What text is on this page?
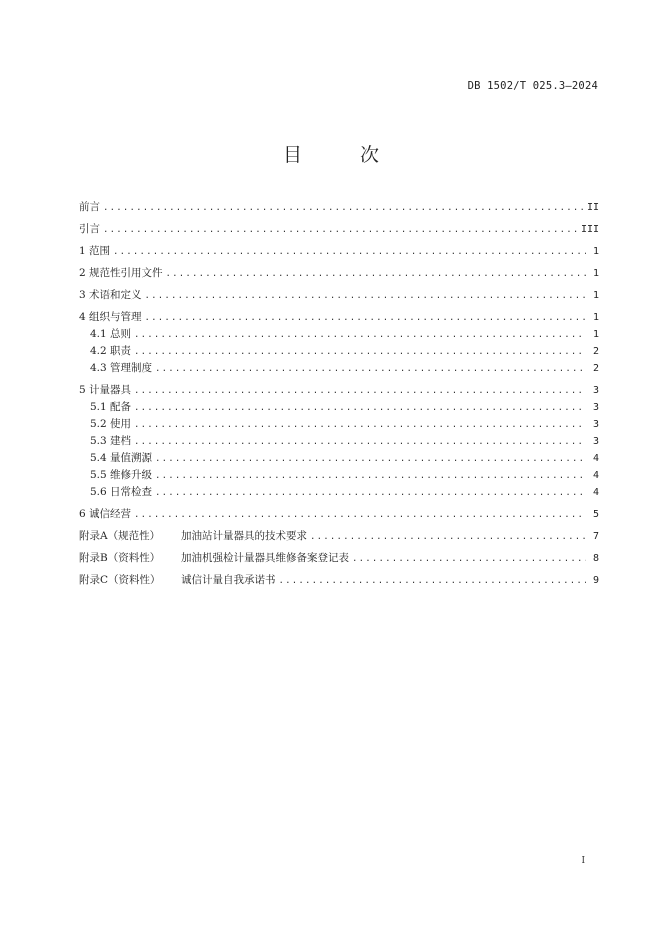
DB 1502/T 025.3—2024
目 次
前言 .....	II
引言 .....	III
1 范围 .....	1
2 规范性引用文件 .....	1
3 术语和定义 .....	1
4 组织与管理 .....	1
4.1 总则 .....	1
4.2 职责 .....	2
4.3 管理制度 .....	2
5 计量器具 .....	3
5.1 配备 .....	3
5.2 使用 .....	3
5.3 建档 .....	3
5.4 量值溯源 .....	4
5.5 维修升级 .....	4
5.6 日常检查 .....	4
6 诚信经营 .....	5
附录A（规范性） 加油站计量器具的技术要求 .....	7
附录B（资料性） 加油机强检计量器具维修备案登记表 .....	8
附录C（资料性） 诚信计量自我承诺书 .....	9
I
